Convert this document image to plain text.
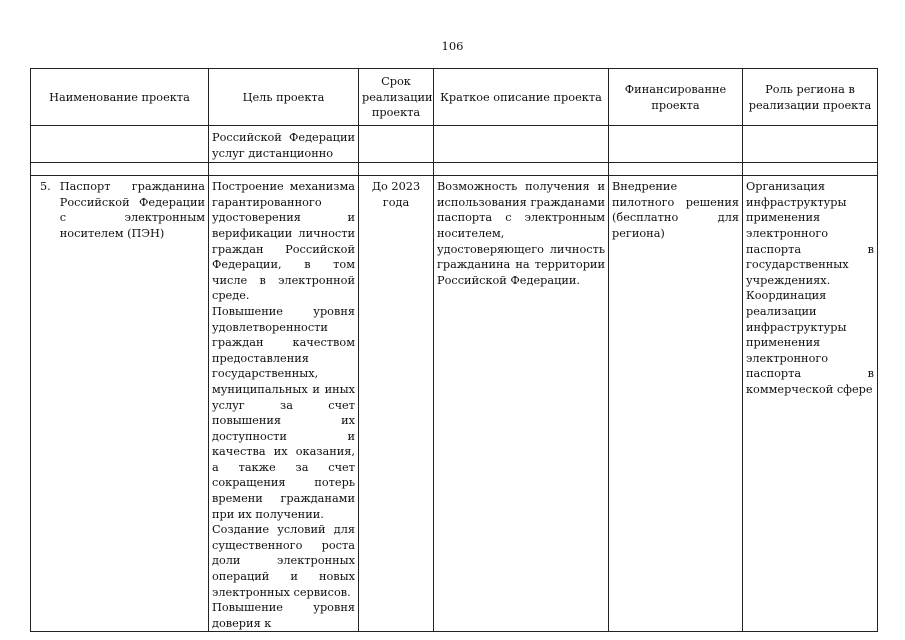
106
Наименование проекта	Цель проекта	Срок реализации проекта	Краткое описание проекта	Финансированне проекта	Роль региона в реализации проекта
	Российской Федерации услуг дистанционно				

5. Паспорт гражданина Российской Федерации с электронным носителем (ПЭН)	Построение механизма гарантированного удостоверения и верификации личности граждан Российской Федерации, в том числе в электронной среде.
Повышение уровня удовлетворенности граждан качеством предоставления государственных, муниципальных и иных услуг за счет повышения их доступности и качества их оказания, а также за счет сокращения потерь времени гражданами при их получении.
Создание условий для существенного роста доли электронных операций и новых электронных сервисов.
Повышение уровня доверия к	До 2023 года	Возможность получения и использования гражданами паспорта с электронным носителем, удостоверяющего личность гражданина на территории Российской Федерации.	Внедрение пилотного решения (бесплатно для региона)	Организация инфраструктуры применения электронного паспорта в государственных учреждениях.
Координация реализации инфраструктуры применения электронного паспорта в коммерческой сфере
